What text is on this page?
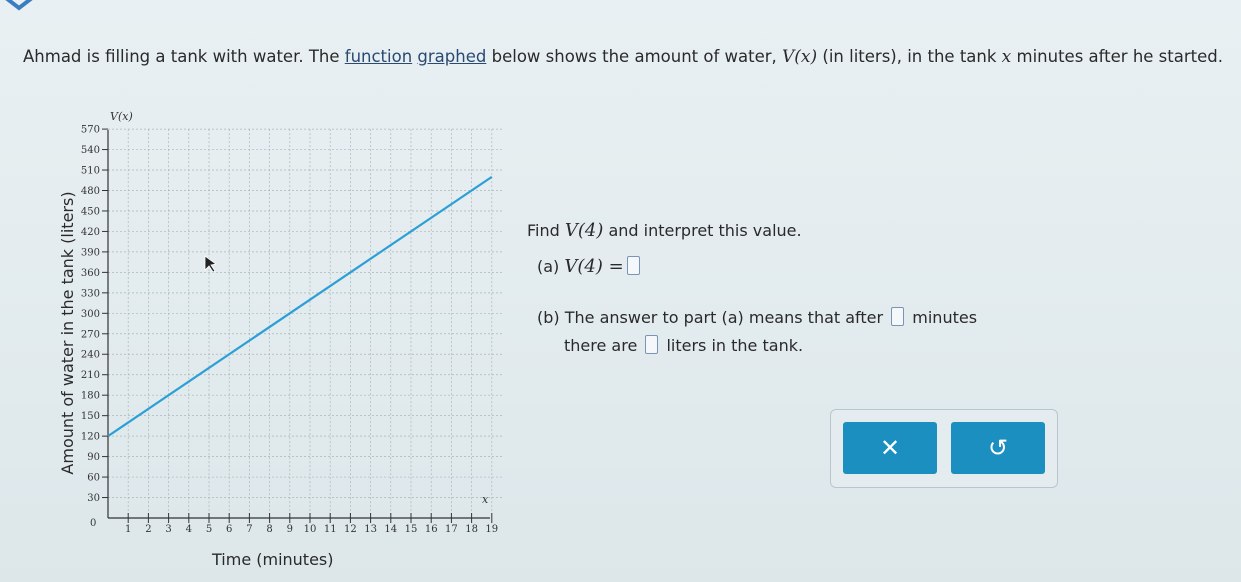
Ahmad is filling a tank with water. The function graphed below shows the amount of water, V(x) (in liters), in the tank x minutes after he started.
30
60
90
120
150
180
210
240
270
300
330
360
390
420
450
480
510
540
570
1 2 3 4 5 6 7 8 9 10 11 12 13 14 15 16 17 18 19
V(x)
x
0
Amount of water in the tank (liters)
Time (minutes)
Find V(4) and interpret this value.
(a) V(4) =
(b) The answer to part (a) means that after  minutes
there are  liters in the tank.
✕	↺
